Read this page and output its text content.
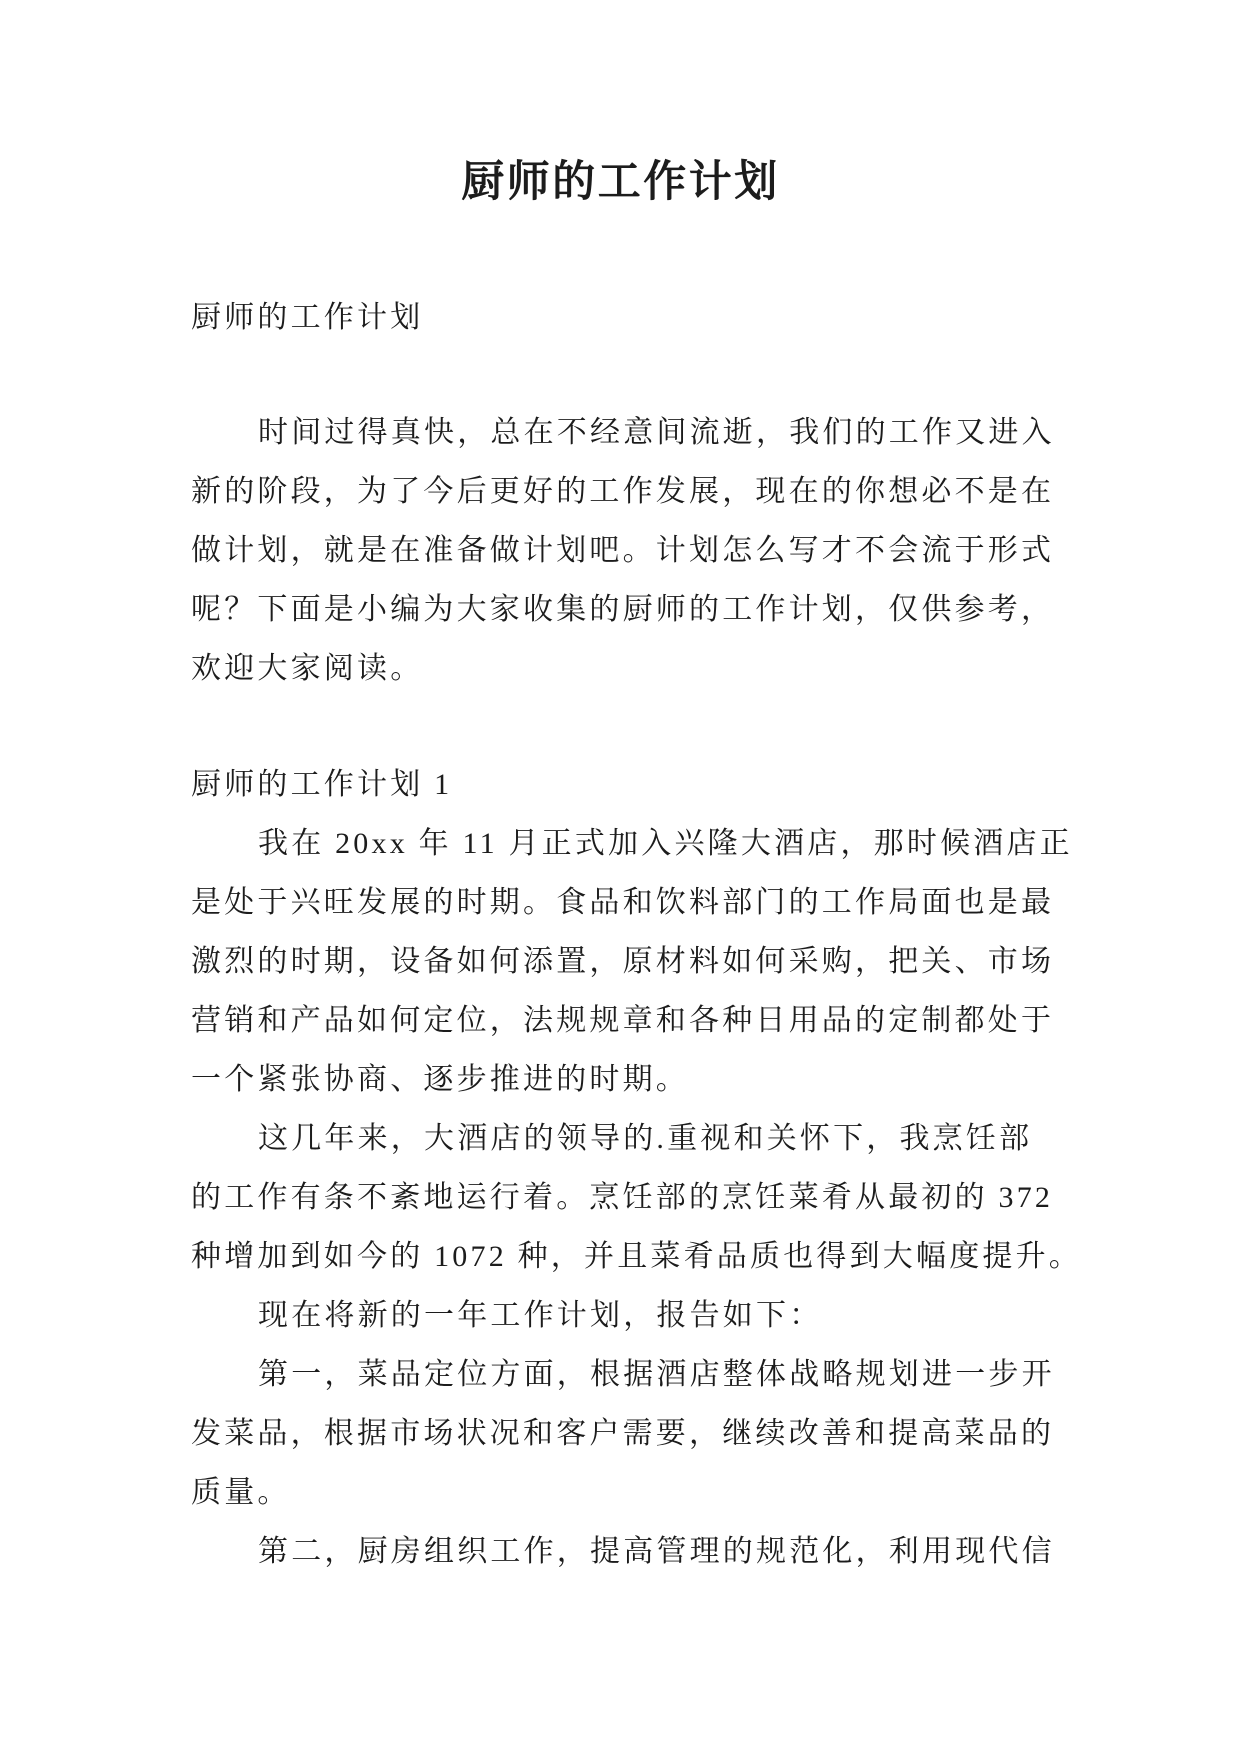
厨师的工作计划
厨师的工作计划
时间过得真快，总在不经意间流逝，我们的工作又进入
新的阶段，为了今后更好的工作发展，现在的你想必不是在
做计划，就是在准备做计划吧。计划怎么写才不会流于形式
呢？下面是小编为大家收集的厨师的工作计划，仅供参考，
欢迎大家阅读。
厨师的工作计划 1
我在 20xx 年 11 月正式加入兴隆大酒店，那时候酒店正
是处于兴旺发展的时期。食品和饮料部门的工作局面也是最
激烈的时期，设备如何添置，原材料如何采购，把关、市场
营销和产品如何定位，法规规章和各种日用品的定制都处于
一个紧张协商、逐步推进的时期。
这几年来，大酒店的领导的.重视和关怀下，我烹饪部
的工作有条不紊地运行着。烹饪部的烹饪菜肴从最初的 372
种增加到如今的 1072 种，并且菜肴品质也得到大幅度提升。
现在将新的一年工作计划，报告如下：
第一，菜品定位方面，根据酒店整体战略规划进一步开
发菜品，根据市场状况和客户需要，继续改善和提高菜品的
质量。
第二，厨房组织工作，提高管理的规范化，利用现代信
